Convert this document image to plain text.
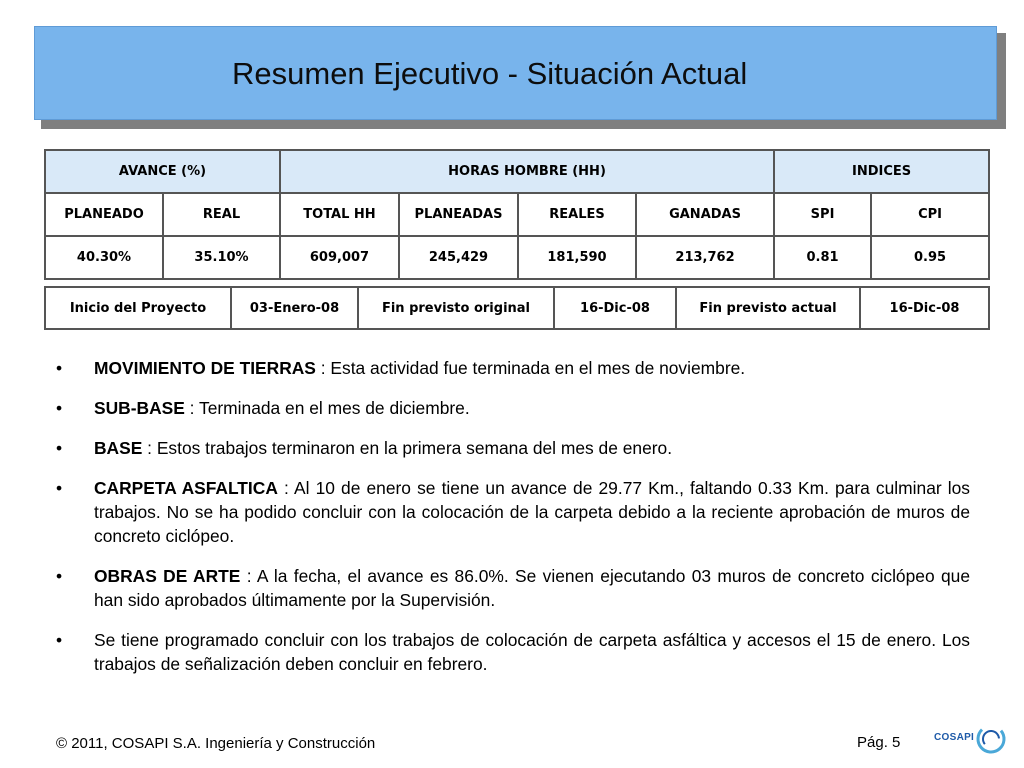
Resumen Ejecutivo - Situación Actual
AVANCE (%)		HORAS HOMBRE (HH)				INDICES	
PLANEADO	REAL	TOTAL HH	PLANEADAS	REALES	GANADAS	SPI	CPI
40.30%	35.10%	609,007	245,429	181,590	213,762	0.81	0.95
Inicio del Proyecto	03-Enero-08	Fin previsto original	16-Dic-08	Fin previsto actual	16-Dic-08
• MOVIMIENTO DE TIERRAS : Esta actividad fue terminada en el mes de noviembre.
• SUB-BASE : Terminada en el mes de diciembre.
• BASE : Estos trabajos terminaron en la primera semana del mes de enero.
• CARPETA ASFALTICA : Al 10 de enero se tiene un avance de 29.77 Km., faltando 0.33 Km. para culminar los trabajos. No se ha podido concluir con la colocación de la carpeta debido a la reciente aprobación de muros de concreto ciclópeo.
• OBRAS DE ARTE : A la fecha, el avance es 86.0%. Se vienen ejecutando 03 muros de concreto ciclópeo que han sido aprobados últimamente por la Supervisión.
• Se tiene programado concluir con los trabajos de colocación de carpeta asfáltica y accesos el 15 de enero. Los trabajos de señalización deben concluir en febrero.
© 2011, COSAPI S.A. Ingeniería y Construcción	Pág. 5	COSAPI
